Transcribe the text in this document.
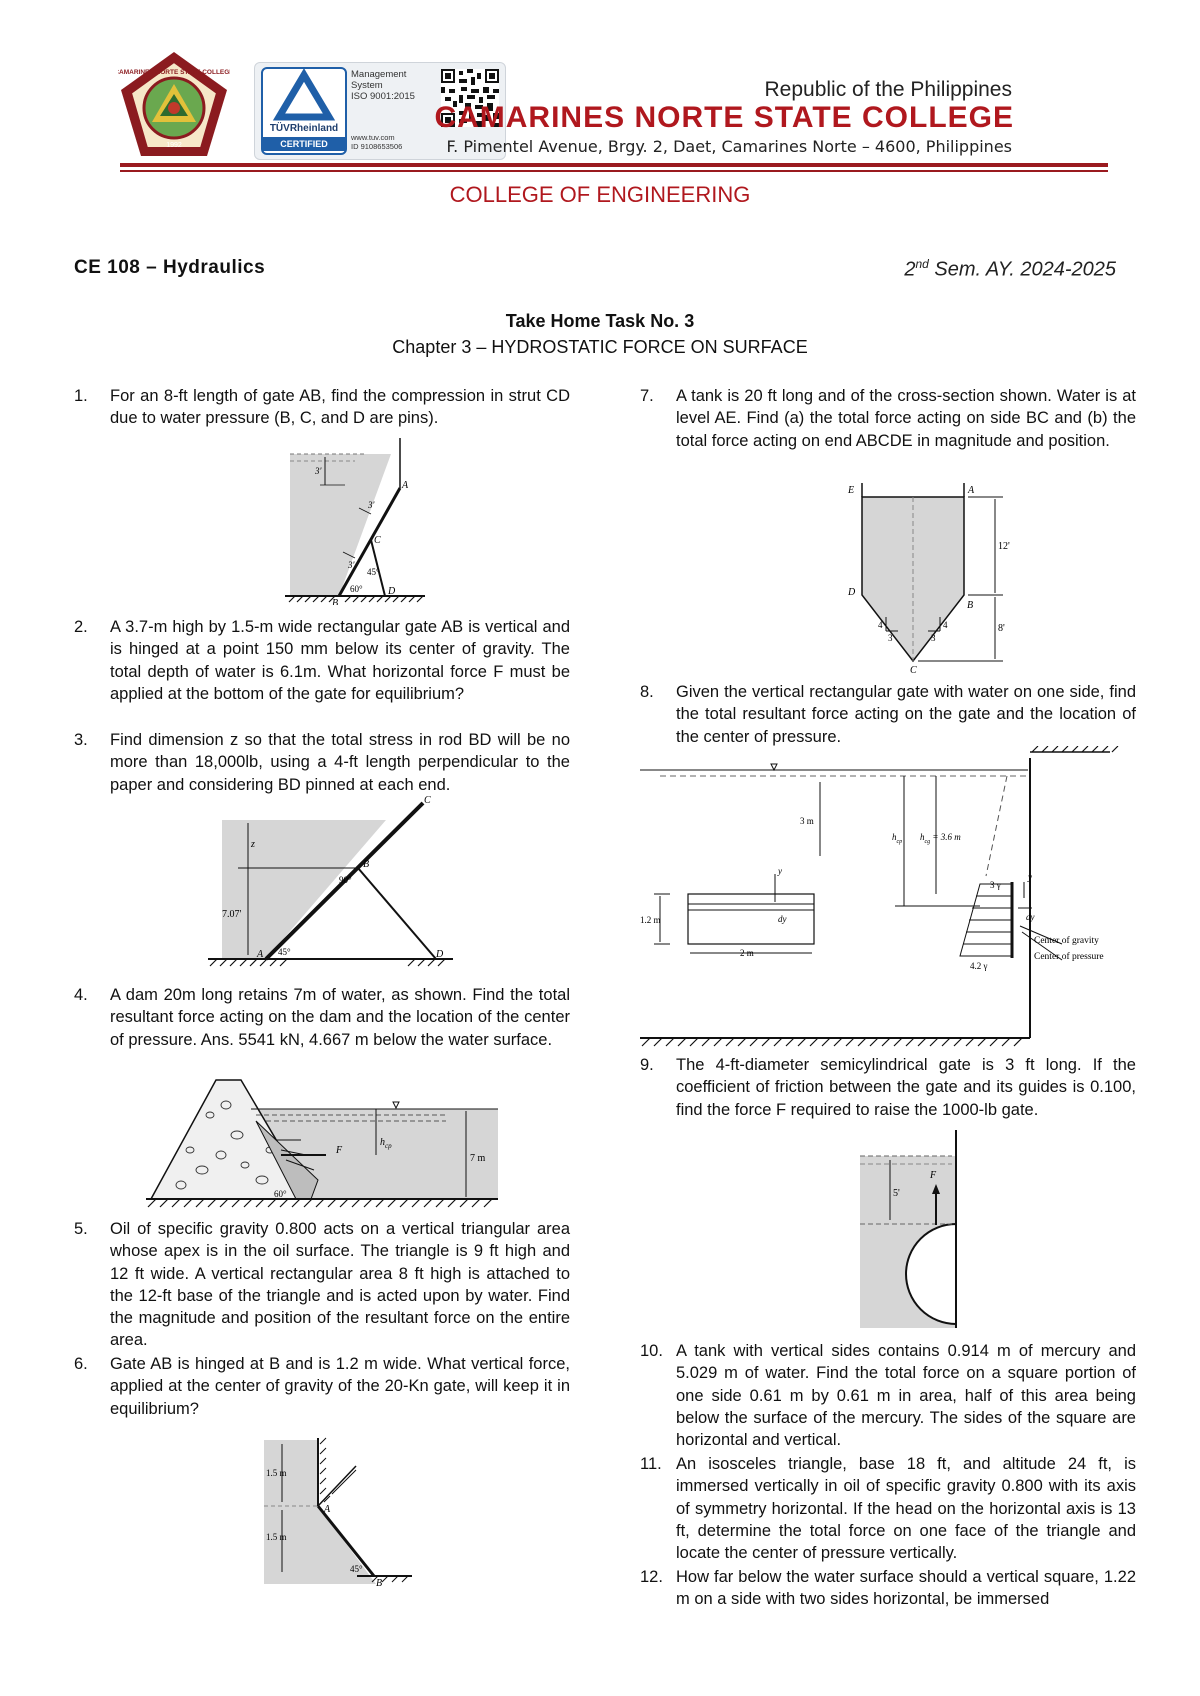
CAMARINES NORTE STATE COLLEGE
1992
TÜVRheinland
CERTIFIED
Management
System
ISO 9001:2015
www.tuv.com
ID 9108653506
Republic of the Philippines
CAMARINES NORTE STATE COLLEGE
F. Pimentel Avenue, Brgy. 2, Daet, Camarines Norte – 4600, Philippines
COLLEGE OF ENGINEERING
CE 108 – Hydraulics	2nd Sem. AY. 2024-2025
Take Home Task No. 3
Chapter 3 – HYDROSTATIC FORCE ON SURFACE
1. For an 8-ft length of gate AB, find the compression in strut CD due to water pressure (B, C, and D are pins).
A
B
C
D
3'
3'
3'
45°
60°
2. A 3.7-m high by 1.5-m wide rectangular gate AB is vertical and is hinged at a point 150 mm below its center of gravity. The total depth of water is 6.1m. What horizontal force F must be applied at the bottom of the gate for equilibrium?
3. Find dimension z so that the total stress in rod BD will be no more than 18,000lb, using a 4-ft length perpendicular to the paper and considering BD pinned at each end.
C
B
A	D
z
7.07'
90°
45°
4. A dam 20m long retains 7m of water, as shown. Find the total resultant force acting on the dam and the location of the center of pressure. Ans. 5541 kN, 4.667 m below the water surface.
F
$h_{cp}$
7 m
60°
5. Oil of specific gravity 0.800 acts on a vertical triangular area whose apex is in the oil surface. The triangle is 9 ft high and 12 ft wide. A vertical rectangular area 8 ft high is attached to the 12-ft base of the triangle and is acted upon by water. Find the magnitude and position of the resultant force on the entire area.
6. Gate AB is hinged at B and is 1.2 m wide. What vertical force, applied at the center of gravity of the 20-Kn gate, will keep it in equilibrium?
A
B
1.5 m
1.5 m
45°
7. A tank is 20 ft long and of the cross-section shown. Water is at level AE. Find (a) the total force acting on side BC and (b) the total force acting on end ABCDE in magnitude and position.
E	A
D
B
C
12'
8'
4
3
4
3
8. Given the vertical rectangular gate with water on one side, find the total resultant force acting on the gate and the location of the center of pressure.
3 m
$h_{cp}$ $h_{cg} = 3.6$ m
1.2 m
2 m
y
dy
y
dy
3 γ
4.2 γ
Center of gravity
Center of pressure
9. The 4-ft-diameter semicylindrical gate is 3 ft long. If the coefficient of friction between the gate and its guides is 0.100, find the force F required to raise the 1000-lb gate.
F
5'
10. A tank with vertical sides contains 0.914 m of mercury and 5.029 m of water. Find the total force on a square portion of one side 0.61 m by 0.61 m in area, half of this area being below the surface of the mercury. The sides of the square are horizontal and vertical.
11. An isosceles triangle, base 18 ft, and altitude 24 ft, is immersed vertically in oil of specific gravity 0.800 with its axis of symmetry horizontal. If the head on the horizontal axis is 13 ft, determine the total force on one face of the triangle and locate the center of pressure vertically.
12. How far below the water surface should a vertical square, 1.22 m on a side with two sides horizontal, be immersed
